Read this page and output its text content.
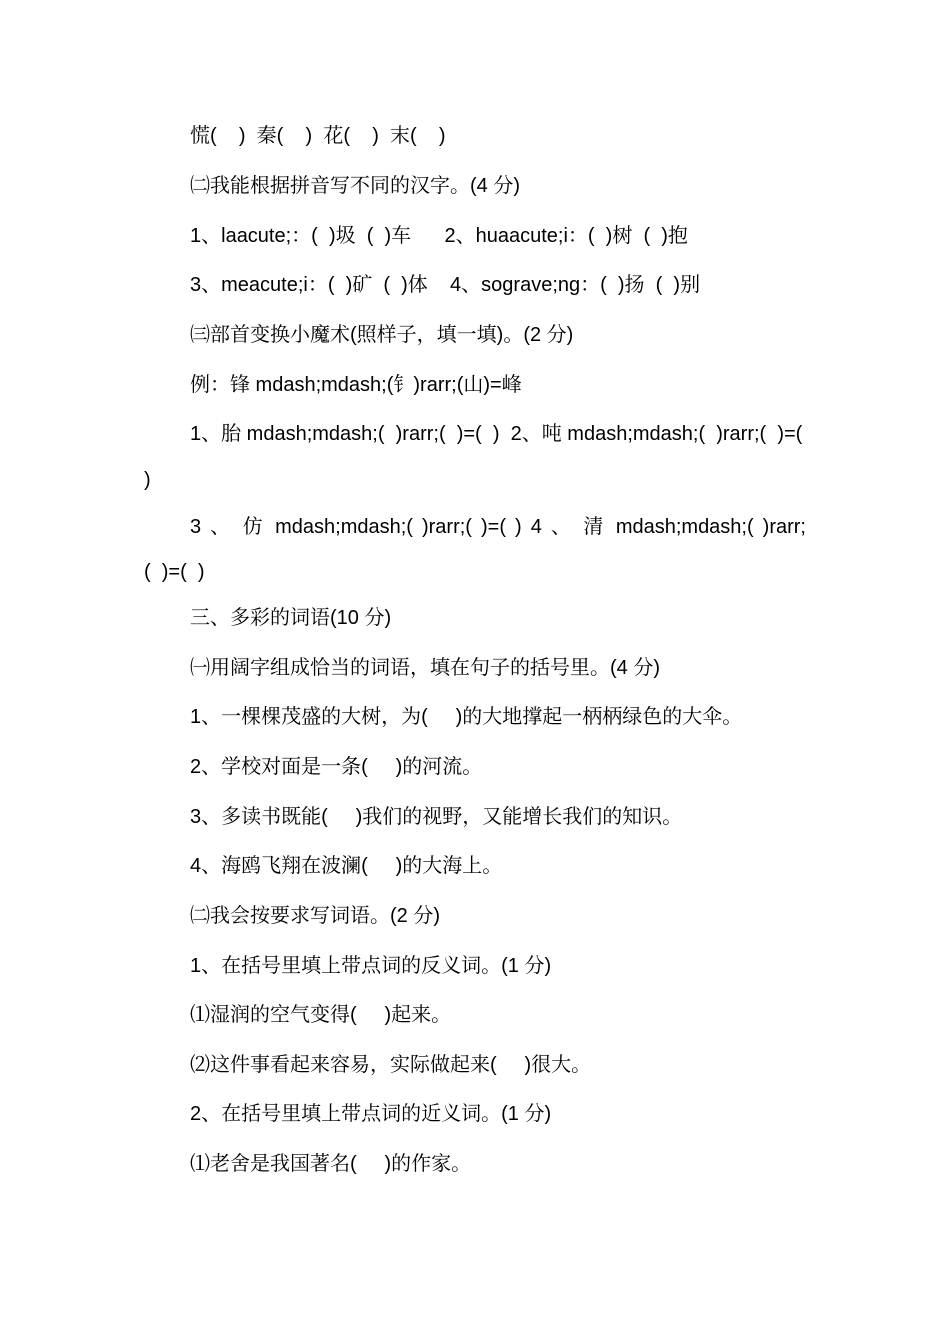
慌(    )  秦(    )  花(    )  末(    )
㈡我能根据拼音写不同的汉字。(4 分)
1、laacute;：(  )圾  (  )车      2、huaacute;i：(  )树  (  )抱
3、meacute;i：(  )矿  (  )体    4、sograve;ng：(  )扬  (  )别
㈢部首变换小魔术(照样子，填一填)。(2 分)
例：锋 mdash;mdash;(钅)rarr;(山)=峰
1、胎 mdash;mdash;(  )rarr;(  )=(  )  2、吨 mdash;mdash;(  )rarr;(  )=(
)
3 、 仿 mdash;mdash;( )rarr;( )=( ) 4 、 清 mdash;mdash;( )rarr;
(  )=(  )
三、多彩的词语(10 分)
㈠用阔字组成恰当的词语，填在句子的括号里。(4 分)
1、一棵棵茂盛的大树，为(     )的大地撑起一柄柄绿色的大伞。
2、学校对面是一条(     )的河流。
3、多读书既能(     )我们的视野，又能增长我们的知识。
4、海鸥飞翔在波澜(     )的大海上。
㈡我会按要求写词语。(2 分)
1、在括号里填上带点词的反义词。(1 分)
⑴湿润的空气变得(     )起来。
⑵这件事看起来容易，实际做起来(     )很大。
2、在括号里填上带点词的近义词。(1 分)
⑴老舍是我国著名(     )的作家。
